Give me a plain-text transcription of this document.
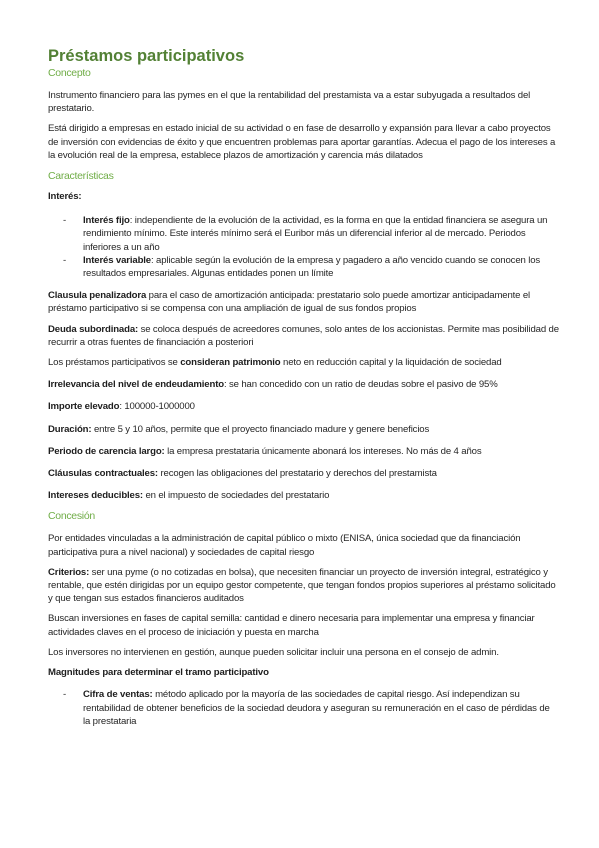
Préstamos participativos
Concepto

Instrumento financiero para las pymes en el que la rentabilidad del prestamista va a estar subyugada a resultados del prestatario.

Está dirigido a empresas en estado inicial de su actividad o en fase de desarrollo y expansión para llevar a cabo proyectos de inversión con evidencias de éxito y que encuentren problemas para aportar garantías. Adecua el pago de los intereses a la evolución real de la empresa, establece plazos de amortización y carencia más dilatados

Características

Interés:

- Interés fijo: independiente de la evolución de la actividad, es la forma en que la entidad financiera se asegura un rendimiento mínimo. Este interés mínimo será el Euribor más un diferencial inferior al de mercado. Periodos inferiores a un año
- Interés variable: aplicable según la evolución de la empresa y pagadero a año vencido cuando se conocen los resultados empresariales. Algunas entidades ponen un límite

Clausula penalizadora para el caso de amortización anticipada: prestatario solo puede amortizar anticipadamente el préstamo participativo si se compensa con una ampliación de igual de sus fondos propios

Deuda subordinada: se coloca después de acreedores comunes, solo antes de los accionistas. Permite mas posibilidad de recurrir a otras fuentes de financiación a posteriori

Los préstamos participativos se consideran patrimonio neto en reducción capital y la liquidación de sociedad

Irrelevancia del nivel de endeudamiento: se han concedido con un ratio de deudas sobre el pasivo de 95%

Importe elevado: 100000-1000000

Duración: entre 5 y 10 años, permite que el proyecto financiado madure y genere beneficios

Periodo de carencia largo: la empresa prestataria únicamente abonará los intereses. No más de 4 años

Cláusulas contractuales: recogen las obligaciones del prestatario y derechos del prestamista

Intereses deducibles: en el impuesto de sociedades del prestatario

Concesión

Por entidades vinculadas a la administración de capital público o mixto (ENISA, única sociedad que da financiación participativa pura a nivel nacional) y sociedades de capital riesgo

Criterios: ser una pyme (o no cotizadas en bolsa), que necesiten financiar un proyecto de inversión integral, estratégico y rentable, que estén dirigidas por un equipo gestor competente, que tengan fondos propios superiores al préstamo solicitado y que tengan sus estados financieros auditados

Buscan inversiones en fases de capital semilla: cantidad e dinero necesaria para implementar una empresa y financiar actividades claves en el proceso de iniciación y puesta en marcha

Los inversores no intervienen en gestión, aunque pueden solicitar incluir una persona en el consejo de admin.

Magnitudes para determinar el tramo participativo

- Cifra de ventas: método aplicado por la mayoría de las sociedades de capital riesgo. Así independizan su rentabilidad de obtener beneficios de la sociedad deudora y aseguran su remuneración en el caso de pérdidas de la prestataria
